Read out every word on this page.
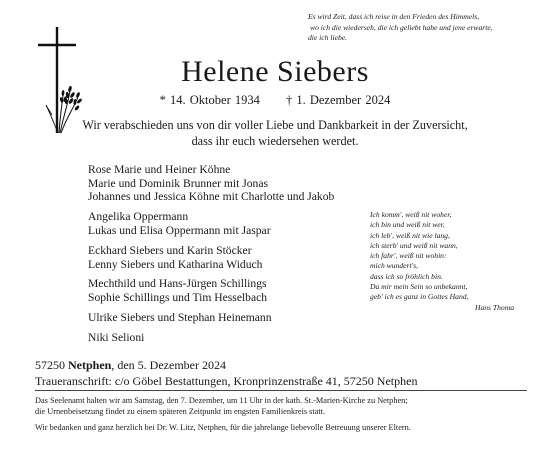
Es wird Zeit, dass ich reise in den Frieden des Himmels,
wo ich die wiederseh, die ich geliebt habe und jene erwarte,
die ich liebe.
Helene Siebers
* 14. Oktober 1934 † 1. Dezember 2024
Wir verabschieden uns von dir voller Liebe und Dankbarkeit in der Zuversicht,
dass ihr euch wiedersehen werdet.
Rose Marie und Heiner Köhne
Marie und Dominik Brunner mit Jonas
Johannes und Jessica Köhne mit Charlotte und Jakob
Angelika Oppermann
Lukas und Elisa Oppermann mit Jaspar
Eckhard Siebers und Karin Stöcker
Lenny Siebers und Katharina Widuch
Mechthild und Hans-Jürgen Schillings
Sophie Schillings und Tim Hesselbach
Ulrike Siebers und Stephan Heinemann
Niki Selioni
Ich komm', weiß nit woher,
ich bin und weiß nit wer,
ich leb', weiß nit wie lang,
ich sterb' und weiß nit wann,
ich fahr', weiß nit wohin:
mich wundert's,
dass ich so fröhlich bin.
Da mir mein Sein so unbekannt,
geb' ich es ganz in Gottes Hand,
Hans Thoma
57250 Netphen, den 5. Dezember 2024
Traueranschrift: c/o Göbel Bestattungen, Kronprinzenstraße 41, 57250 Netphen
Das Seelenamt halten wir am Samstag, den 7. Dezember, um 11 Uhr in der kath. St.-Marien-Kirche zu Netphen;
die Urnenbeisetzung findet zu einem späteren Zeitpunkt im engsten Familienkreis statt.
Wir bedanken und ganz herzlich bei Dr. W. Litz, Netphen, für die jahrelange liebevolle Betreuung unserer Eltern.
